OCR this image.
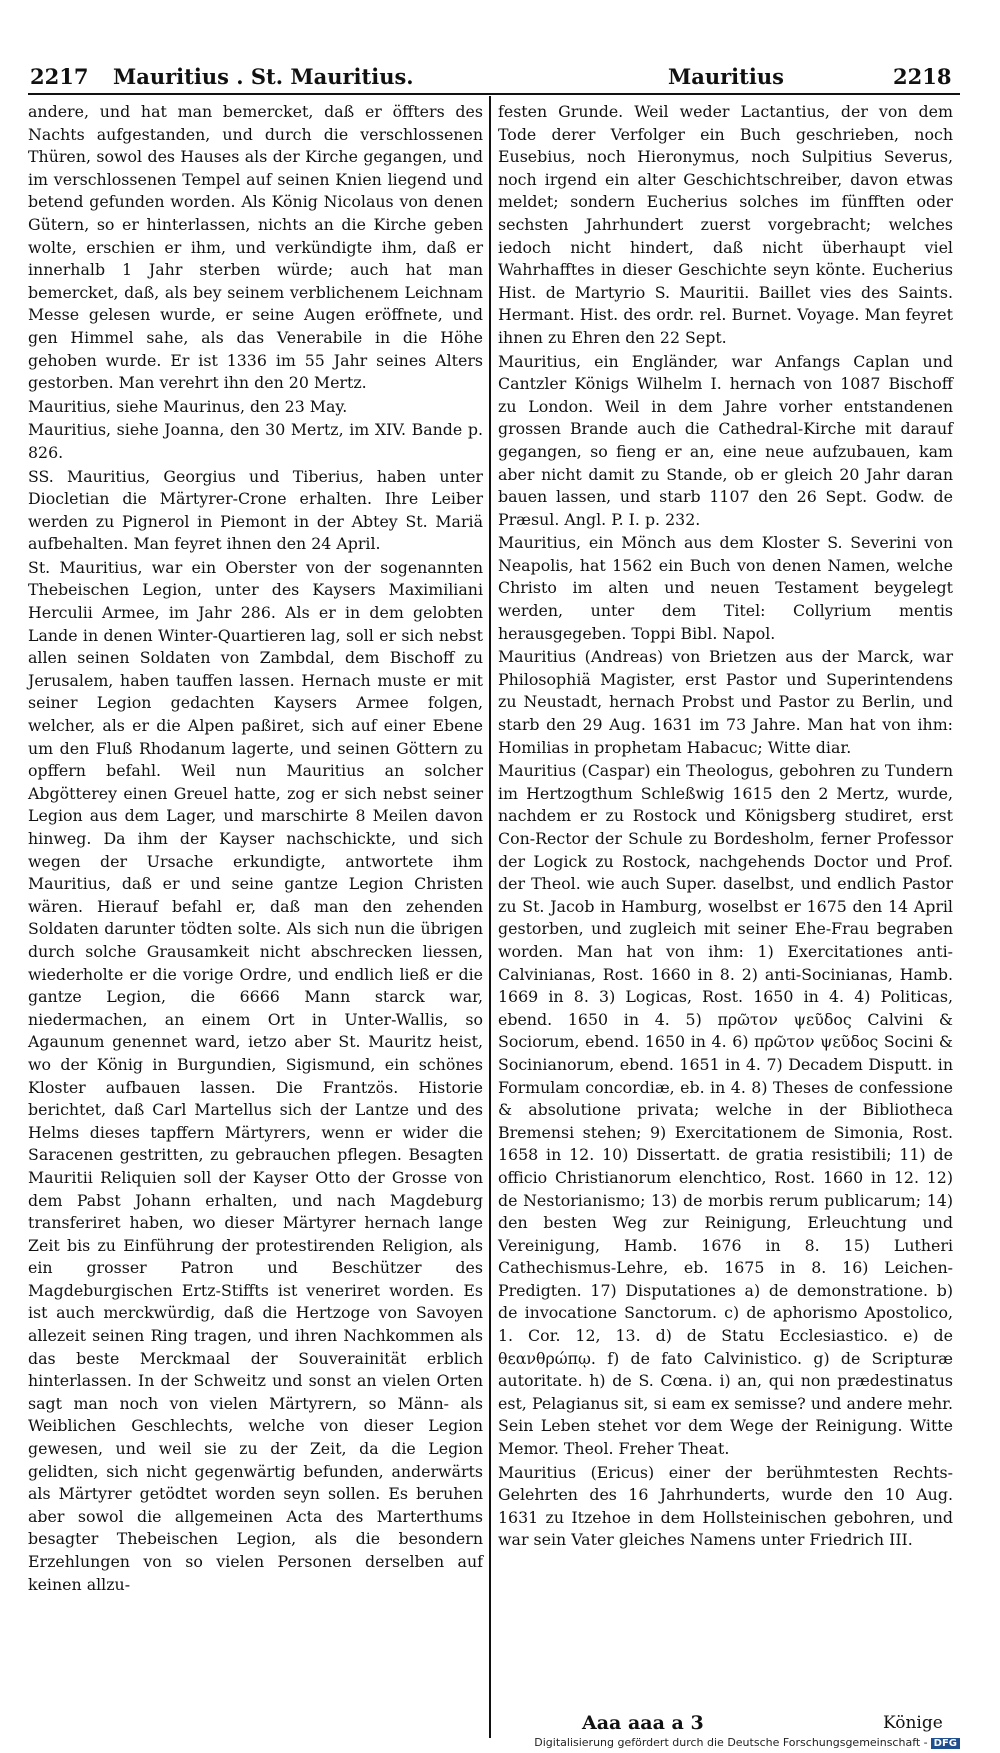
2217 Mauritius . St. Mauritius.	Mauritius	2218

andere, und hat man bemercket, daß er öffters des Nachts aufgestanden, und durch die verschlossenen Thüren, sowol des Hauses als der Kirche gegangen, und im verschlossenen Tempel auf seinen Knien liegend und betend gefunden worden. Als König Nicolaus von denen Gütern, so er hinterlassen, nichts an die Kirche geben wolte, erschien er ihm, und verkündigte ihm, daß er innerhalb 1 Jahr sterben würde; auch hat man bemercket, daß, als bey seinem verblichenem Leichnam Messe gelesen wurde, er seine Augen eröffnete, und gen Himmel sahe, als das Venerabile in die Höhe gehoben wurde. Er ist 1336 im 55 Jahr seines Alters gestorben. Man verehrt ihn den 20 Mertz.

Mauritius, siehe Maurinus, den 23 May.

Mauritius, siehe Joanna, den 30 Mertz, im XIV. Bande p. 826.

SS. Mauritius, Georgius und Tiberius, haben unter Diocletian die Märtyrer-Crone erhalten. Ihre Leiber werden zu Pignerol in Piemont in der Abtey St. Mariä aufbehalten. Man feyret ihnen den 24 April.

St. Mauritius, war ein Oberster von der sogenannten Thebeischen Legion, unter des Kaysers Maximiliani Herculii Armee, im Jahr 286. Als er in dem gelobten Lande in denen Winter-Quartieren lag, soll er sich nebst allen seinen Soldaten von Zambdal, dem Bischoff zu Jerusalem, haben tauffen lassen. Hernach muste er mit seiner Legion gedachten Kaysers Armee folgen, welcher, als er die Alpen paßiret, sich auf einer Ebene um den Fluß Rhodanum lagerte, und seinen Göttern zu opffern befahl. Weil nun Mauritius an solcher Abgötterey einen Greuel hatte, zog er sich nebst seiner Legion aus dem Lager, und marschirte 8 Meilen davon hinweg. Da ihm der Kayser nachschickte, und sich wegen der Ursache erkundigte, antwortete ihm Mauritius, daß er und seine gantze Legion Christen wären. Hierauf befahl er, daß man den zehenden Soldaten darunter tödten solte. Als sich nun die übrigen durch solche Grausamkeit nicht abschrecken liessen, wiederholte er die vorige Ordre, und endlich ließ er die gantze Legion, die 6666 Mann starck war, niedermachen, an einem Ort in Unter-Wallis, so Agaunum genennet ward, ietzo aber St. Mauritz heist, wo der König in Burgundien, Sigismund, ein schönes Kloster aufbauen lassen. Die Frantzös. Historie berichtet, daß Carl Martellus sich der Lantze und des Helms dieses tapffern Märtyrers, wenn er wider die Saracenen gestritten, zu gebrauchen pflegen. Besagten Mauritii Reliquien soll der Kayser Otto der Grosse von dem Pabst Johann erhalten, und nach Magdeburg transferiret haben, wo dieser Märtyrer hernach lange Zeit bis zu Einführung der protestirenden Religion, als ein grosser Patron und Beschützer des Magdeburgischen Ertz-Stiffts ist veneriret worden. Es ist auch merckwürdig, daß die Hertzoge von Savoyen allezeit seinen Ring tragen, und ihren Nachkommen als das beste Merckmaal der Souverainität erblich hinterlassen. In der Schweitz und sonst an vielen Orten sagt man noch von vielen Märtyrern, so Männ- als Weiblichen Geschlechts, welche von dieser Legion gewesen, und weil sie zu der Zeit, da die Legion gelidten, sich nicht gegenwärtig befunden, anderwärts als Märtyrer getödtet worden seyn sollen. Es beruhen aber sowol die allgemeinen Acta des Marterthums besagter Thebeischen Legion, als die besondern Erzehlungen von so vielen Personen derselben auf keinen allzu-

festen Grunde. Weil weder Lactantius, der von dem Tode derer Verfolger ein Buch geschrieben, noch Eusebius, noch Hieronymus, noch Sulpitius Severus, noch irgend ein alter Geschichtschreiber, davon etwas meldet; sondern Eucherius solches im fünfften oder sechsten Jahrhundert zuerst vorgebracht; welches iedoch nicht hindert, daß nicht überhaupt viel Wahrhafftes in dieser Geschichte seyn könte. Eucherius Hist. de Martyrio S. Mauritii. Baillet vies des Saints. Hermant. Hist. des ordr. rel. Burnet. Voyage. Man feyret ihnen zu Ehren den 22 Sept.

Mauritius, ein Engländer, war Anfangs Caplan und Cantzler Königs Wilhelm I. hernach von 1087 Bischoff zu London. Weil in dem Jahre vorher entstandenen grossen Brande auch die Cathedral-Kirche mit darauf gegangen, so fieng er an, eine neue aufzubauen, kam aber nicht damit zu Stande, ob er gleich 20 Jahr daran bauen lassen, und starb 1107 den 26 Sept. Godw. de Præsul. Angl. P. I. p. 232.

Mauritius, ein Mönch aus dem Kloster S. Severini von Neapolis, hat 1562 ein Buch von denen Namen, welche Christo im alten und neuen Testament beygelegt werden, unter dem Titel: Collyrium mentis herausgegeben. Toppi Bibl. Napol.

Mauritius (Andreas) von Brietzen aus der Marck, war Philosophiä Magister, erst Pastor und Superintendens zu Neustadt, hernach Probst und Pastor zu Berlin, und starb den 29 Aug. 1631 im 73 Jahre. Man hat von ihm: Homilias in prophetam Habacuc; Witte diar.

Mauritius (Caspar) ein Theologus, gebohren zu Tundern im Hertzogthum Schleßwig 1615 den 2 Mertz, wurde, nachdem er zu Rostock und Königsberg studiret, erst Con-Rector der Schule zu Bordesholm, ferner Professor der Logick zu Rostock, nachgehends Doctor und Prof. der Theol. wie auch Super. daselbst, und endlich Pastor zu St. Jacob in Hamburg, woselbst er 1675 den 14 April gestorben, und zugleich mit seiner Ehe-Frau begraben worden. Man hat von ihm: 1) Exercitationes anti-Calvinianas, Rost. 1660 in 8. 2) anti-Socinianas, Hamb. 1669 in 8. 3) Logicas, Rost. 1650 in 4. 4) Politicas, ebend. 1650 in 4. 5) πρῶτον ψεῦδος Calvini & Sociorum, ebend. 1650 in 4. 6) πρῶτον ψεῦδος Socini & Socinianorum, ebend. 1651 in 4. 7) Decadem Disputt. in Formulam concordiæ, eb. in 4. 8) Theses de confessione & absolutione privata; welche in der Bibliotheca Bremensi stehen; 9) Exercitationem de Simonia, Rost. 1658 in 12. 10) Dissertatt. de gratia resistibili; 11) de officio Christianorum elenchtico, Rost. 1660 in 12. 12) de Nestorianismo; 13) de morbis rerum publicarum; 14) den besten Weg zur Reinigung, Erleuchtung und Vereinigung, Hamb. 1676 in 8. 15) Lutheri Cathechismus-Lehre, eb. 1675 in 8. 16) Leichen-Predigten. 17) Disputationes a) de demonstratione. b) de invocatione Sanctorum. c) de aphorismo Apostolico, 1. Cor. 12, 13. d) de Statu Ecclesiastico. e) de θεανθρώπῳ. f) de fato Calvinistico. g) de Scripturæ autoritate. h) de S. Cœna. i) an, qui non prædestinatus est, Pelagianus sit, si eam ex semisse? und andere mehr. Sein Leben stehet vor dem Wege der Reinigung. Witte Memor. Theol. Freher Theat.

Mauritius (Ericus) einer der berühmtesten Rechts-Gelehrten des 16 Jahrhunderts, wurde den 10 Aug. 1631 zu Itzehoe in dem Hollsteinischen gebohren, und war sein Vater gleiches Namens unter Friedrich III.

Aaa aaa a 3	Könige
Digitalisierung gefördert durch die Deutsche Forschungsgemeinschaft - DFG
